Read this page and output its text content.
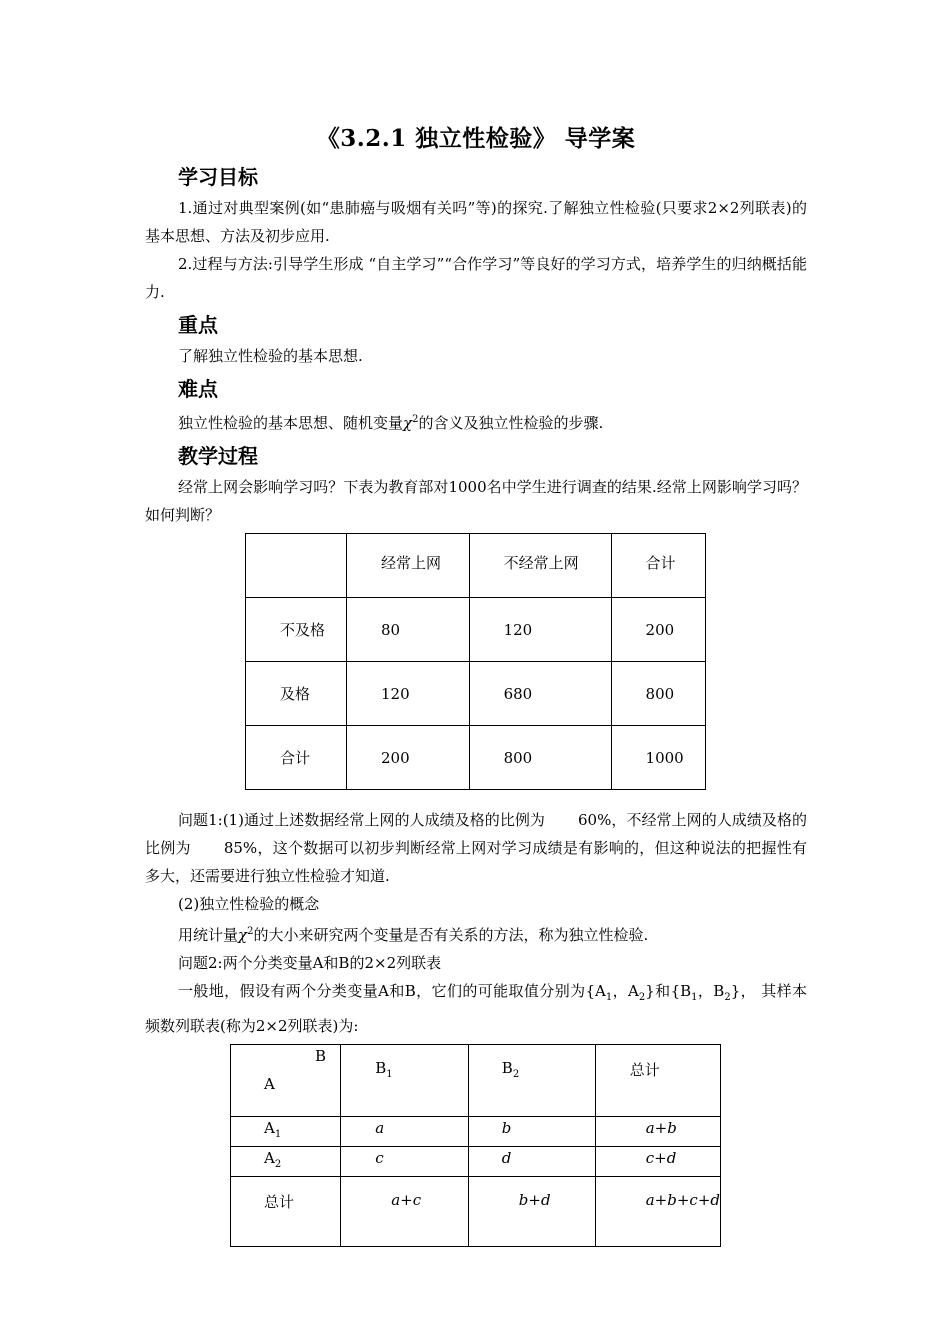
《3.2.1 独立性检验》 导学案
学习目标

1.通过对典型案例(如“患肺癌与吸烟有关吗”等)的探究.了解独立性检验(只要求2×2列联表)的基本思想、方法及初步应用.

2.过程与方法:引导学生形成 “自主学习”“合作学习”等良好的学习方式，培养学生的归纳概括能力.

重点

了解独立性检验的基本思想.

难点

独立性检验的基本思想、随机变量$\chi^2$的含义及独立性检验的步骤.

教学过程

经常上网会影响学习吗？下表为教育部对1000名中学生进行调查的结果.经常上网影响学习吗？如何判断？

	经常上网	不经常上网	合计
不及格	80	120	200
及格	120	680	800
合计	200	800	1000

问题1:(1)通过上述数据经常上网的人成绩及格的比例为 60%，不经常上网的人成绩及格的比例为 85%，这个数据可以初步判断经常上网对学习成绩是有影响的，但这种说法的把握性有多大，还需要进行独立性检验才知道.

(2)独立性检验的概念

用统计量$\chi^2$的大小来研究两个变量是否有关系的方法，称为独立性检验.

问题2:两个分类变量A和B的2×2列联表

一般地，假设有两个分类变量A和B，它们的可能取值分别为{$A_1$，$A_2$}和{$B_1$，$B_2$}， 其样本频数列联表(称为2×2列联表)为:

B
A	$B_1$	$B_2$	总计
$A_1$	a	b	a+b
$A_2$	c	d	c+d
总计	a+c	b+d	a+b+c+d
